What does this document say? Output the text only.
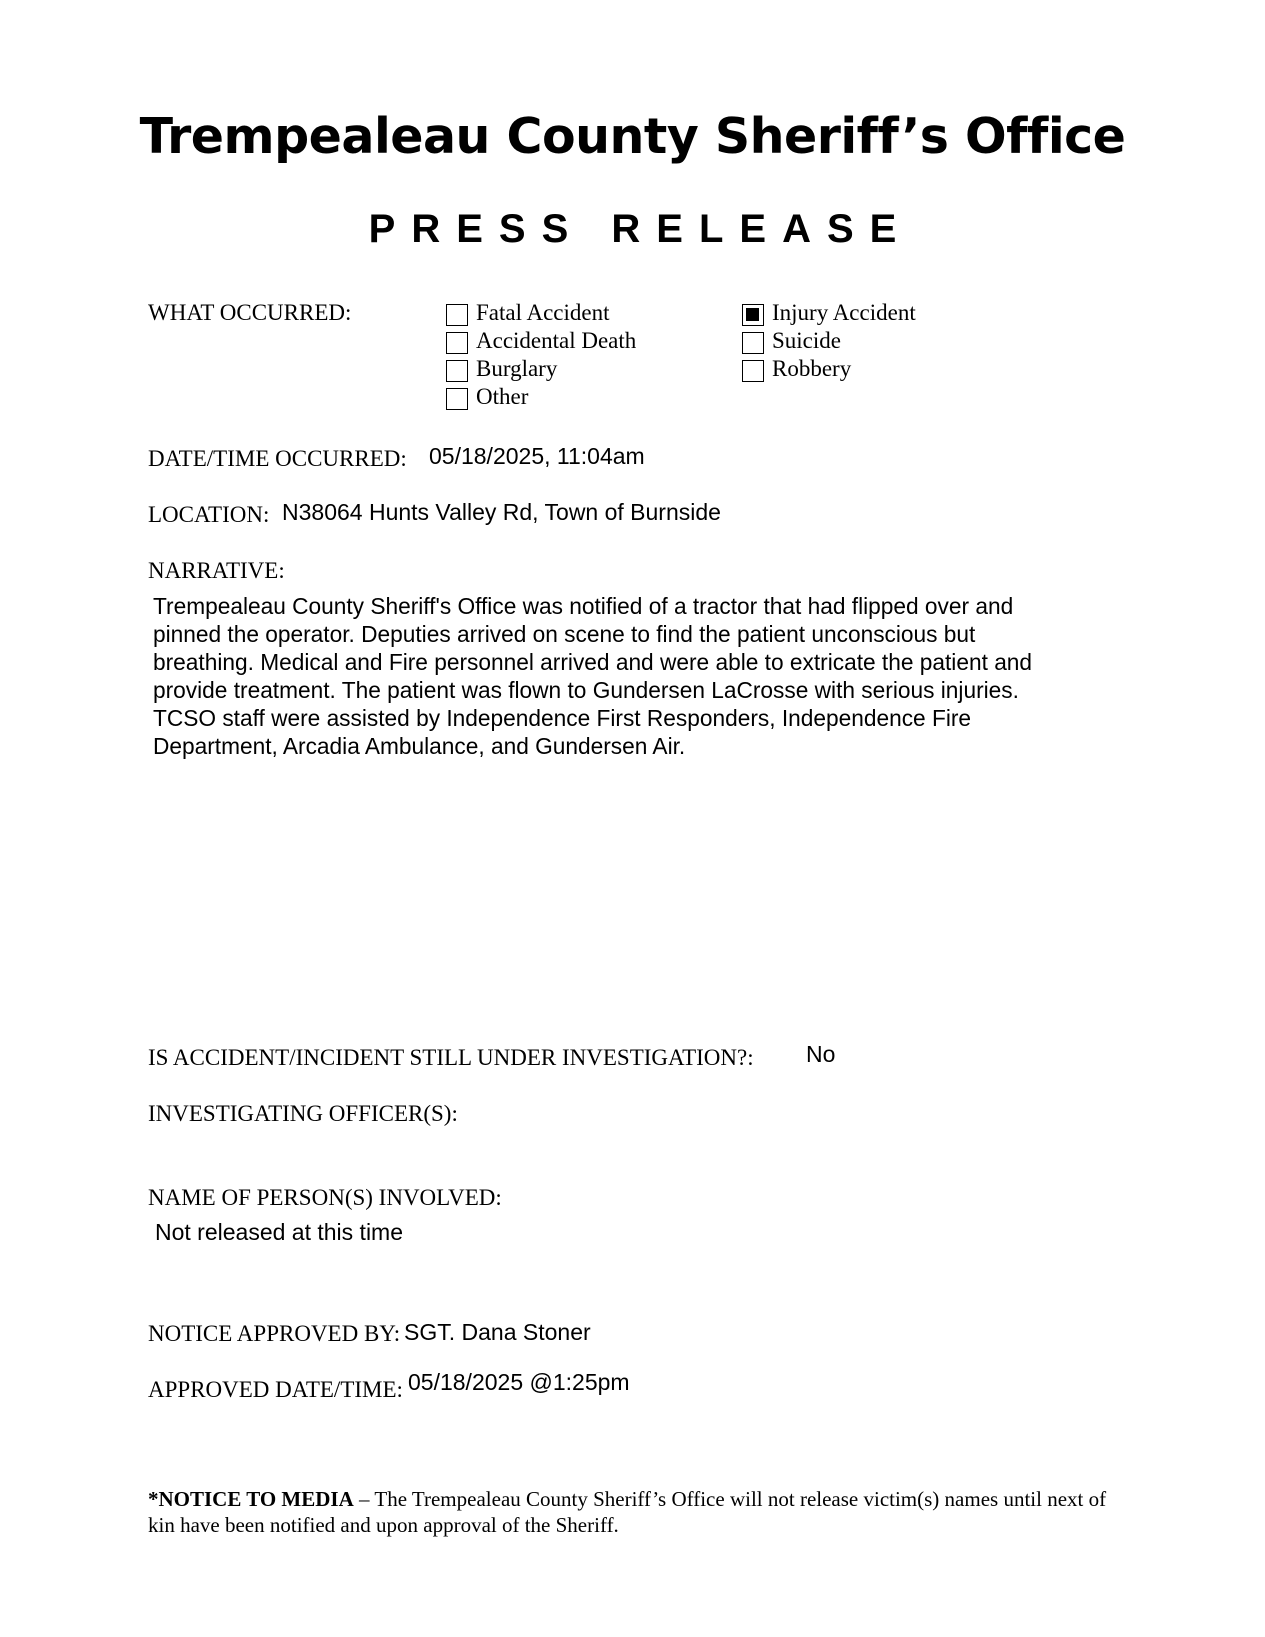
Trempealeau County Sheriff’s Office
PRESS RELEASE
WHAT OCCURRED:	Fatal Accident
Accidental Death
Burglary
Other
Injury Accident
Suicide
Robbery
DATE/TIME OCCURRED: 05/18/2025, 11:04am
LOCATION: N38064 Hunts Valley Rd, Town of Burnside
NARRATIVE:
Trempealeau County Sheriff's Office was notified of a tractor that had flipped over and
pinned the operator. Deputies arrived on scene to find the patient unconscious but
breathing. Medical and Fire personnel arrived and were able to extricate the patient and
provide treatment. The patient was flown to Gundersen LaCrosse with serious injuries.
TCSO staff were assisted by Independence First Responders, Independence Fire
Department, Arcadia Ambulance, and Gundersen Air.
IS ACCIDENT/INCIDENT STILL UNDER INVESTIGATION?: No
INVESTIGATING OFFICER(S):
NAME OF PERSON(S) INVOLVED:
Not released at this time
NOTICE APPROVED BY: SGT. Dana Stoner
APPROVED DATE/TIME: 05/18/2025 @1:25pm
*NOTICE TO MEDIA – The Trempealeau County Sheriff’s Office will not release victim(s) names until next of kin have been notified and upon approval of the Sheriff.
